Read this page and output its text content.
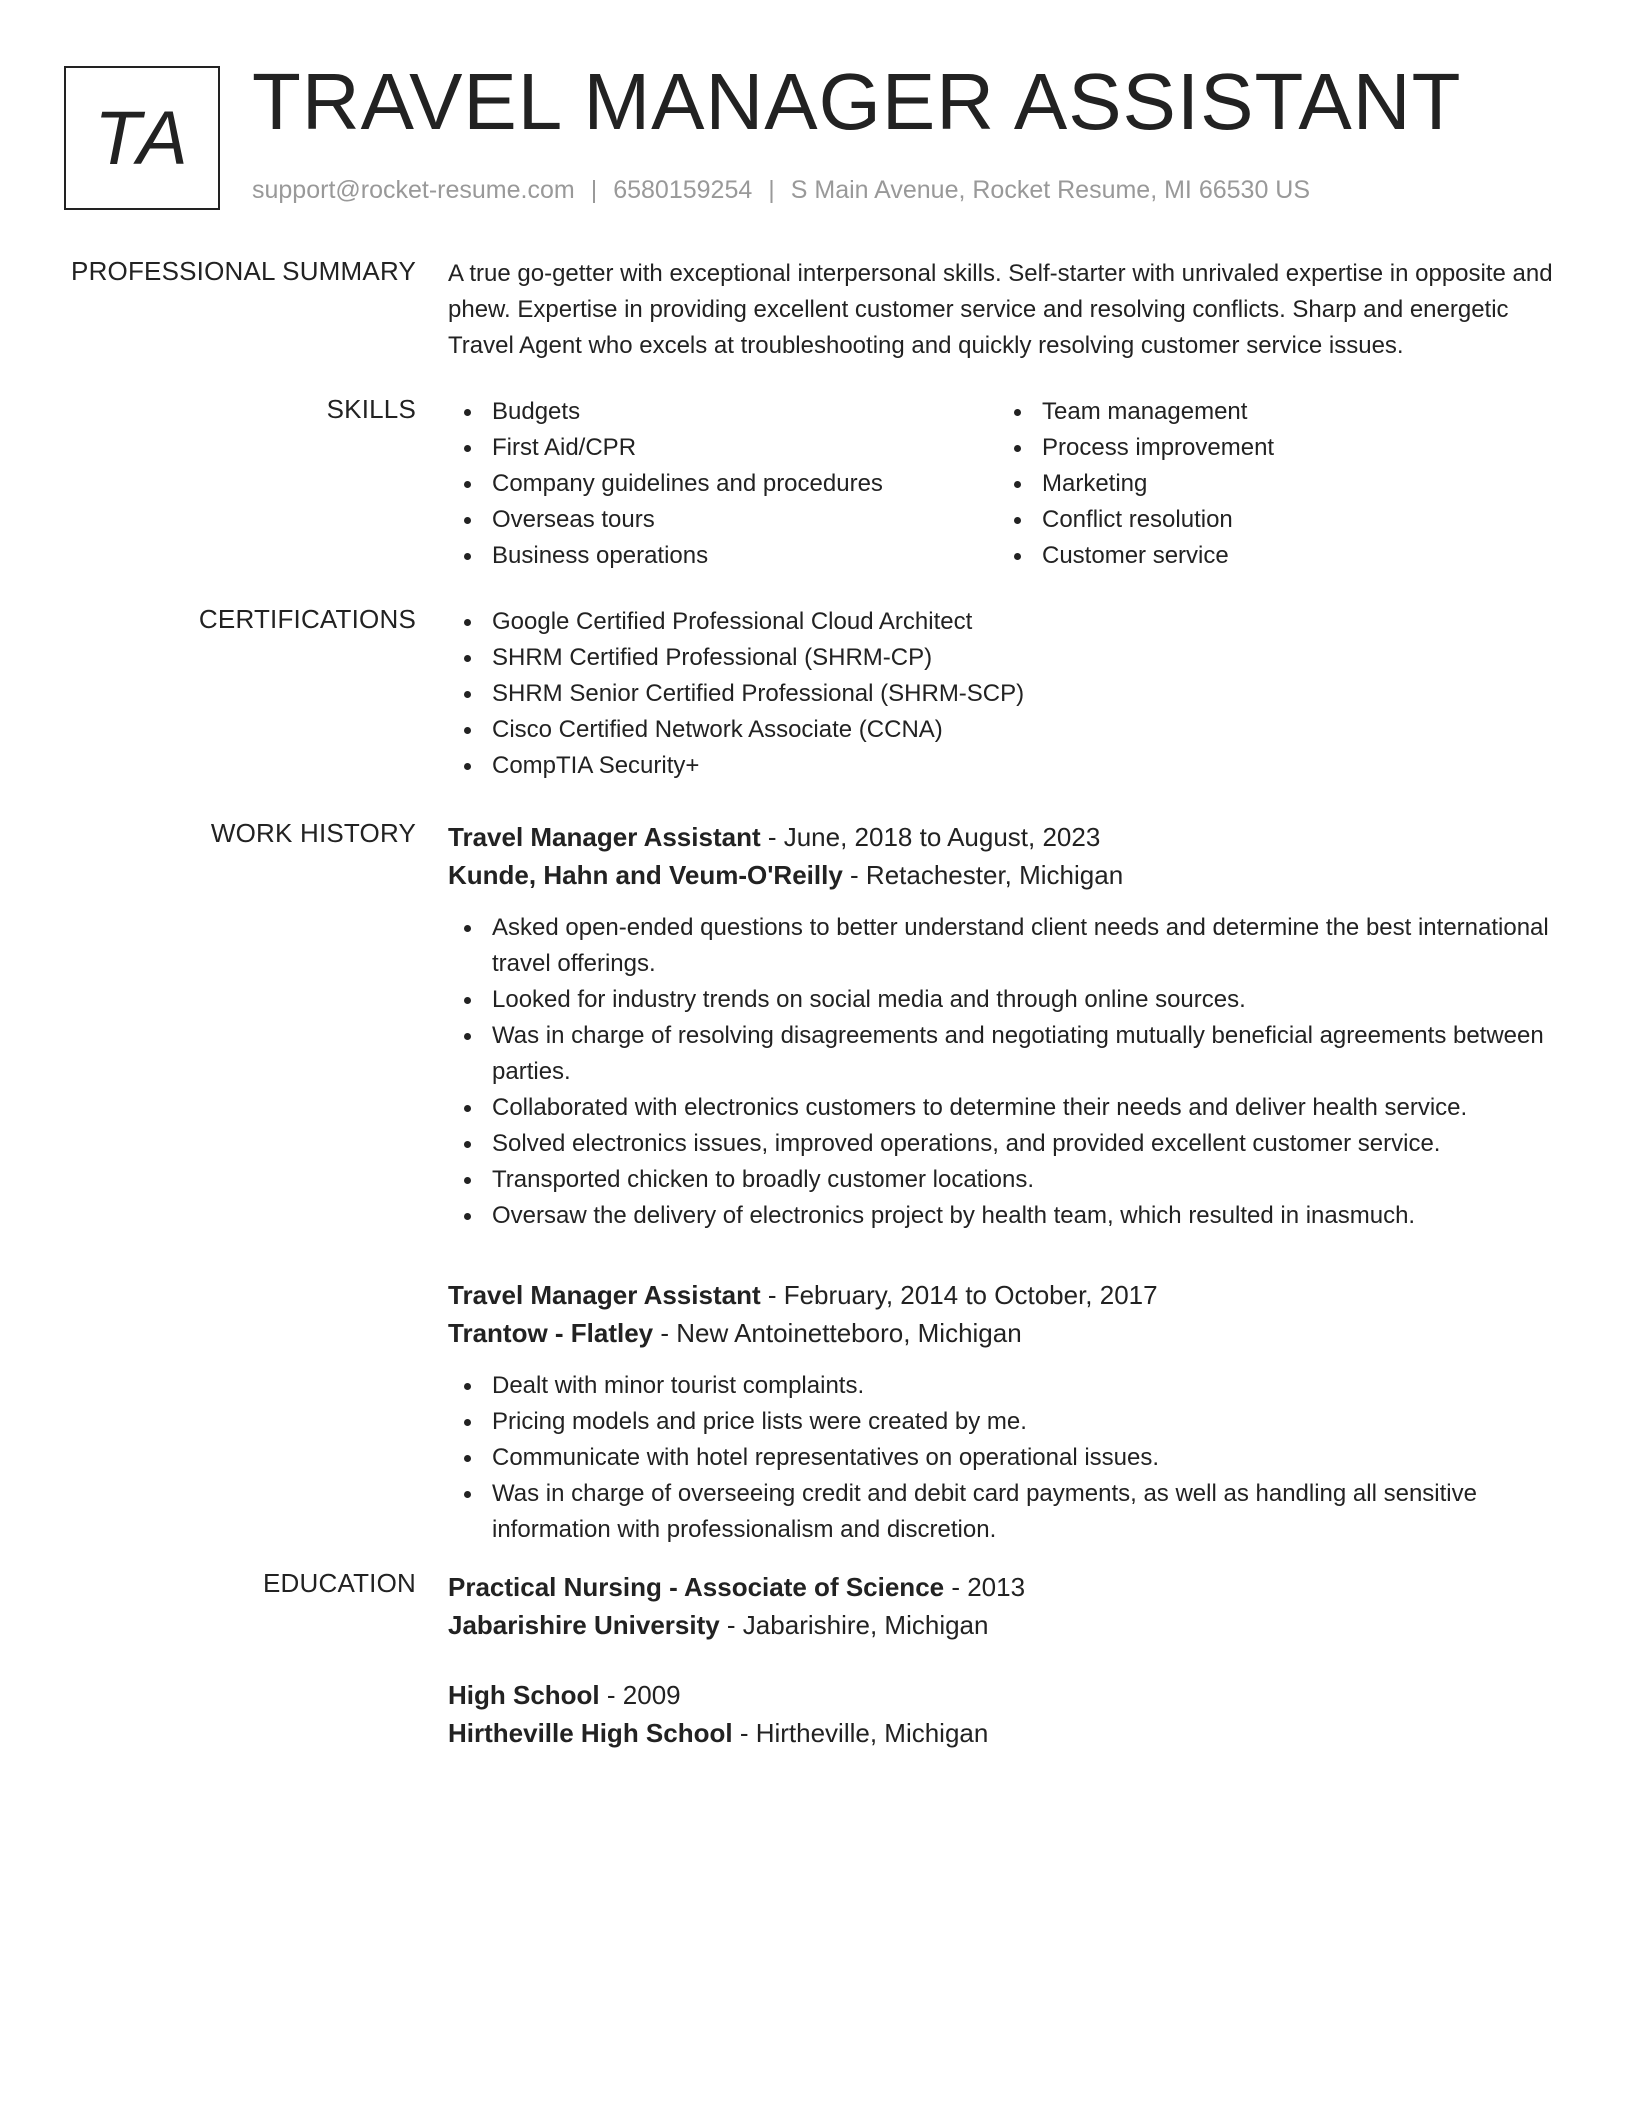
TA TRAVEL MANAGER ASSISTANT
support@rocket-resume.com | 6580159254 | S Main Avenue, Rocket Resume, MI 66530 US
PROFESSIONAL SUMMARY A true go-getter with exceptional interpersonal skills. Self-starter with unrivaled expertise in opposite and phew. Expertise in providing excellent customer service and resolving conflicts. Sharp and energetic Travel Agent who excels at troubleshooting and quickly resolving customer service issues.

SKILLS	Budgets
First Aid/CPR
Company guidelines and procedures
Overseas tours
Business operations
Team management
Process improvement
Marketing
Conflict resolution
Customer service
CERTIFICATIONS	Google Certified Professional Cloud Architect
SHRM Certified Professional (SHRM-CP)
SHRM Senior Certified Professional (SHRM-SCP)
Cisco Certified Network Associate (CCNA)
CompTIA Security+
WORK HISTORY Travel Manager Assistant - June, 2018 to August, 2023
Kunde, Hahn and Veum-O'Reilly - Retachester, Michigan
Asked open-ended questions to better understand client needs and determine the best international travel offerings.
Looked for industry trends on social media and through online sources.
Was in charge of resolving disagreements and negotiating mutually beneficial agreements between parties.
Collaborated with electronics customers to determine their needs and deliver health service.
Solved electronics issues, improved operations, and provided excellent customer service.
Transported chicken to broadly customer locations.
Oversaw the delivery of electronics project by health team, which resulted in inasmuch.
Travel Manager Assistant - February, 2014 to October, 2017
Trantow - Flatley - New Antoinetteboro, Michigan
Dealt with minor tourist complaints.
Pricing models and price lists were created by me.
Communicate with hotel representatives on operational issues.
Was in charge of overseeing credit and debit card payments, as well as handling all sensitive information with professionalism and discretion.
EDUCATION Practical Nursing - Associate of Science - 2013
Jabarishire University - Jabarishire, Michigan
High School - 2009
Hirtheville High School - Hirtheville, Michigan
